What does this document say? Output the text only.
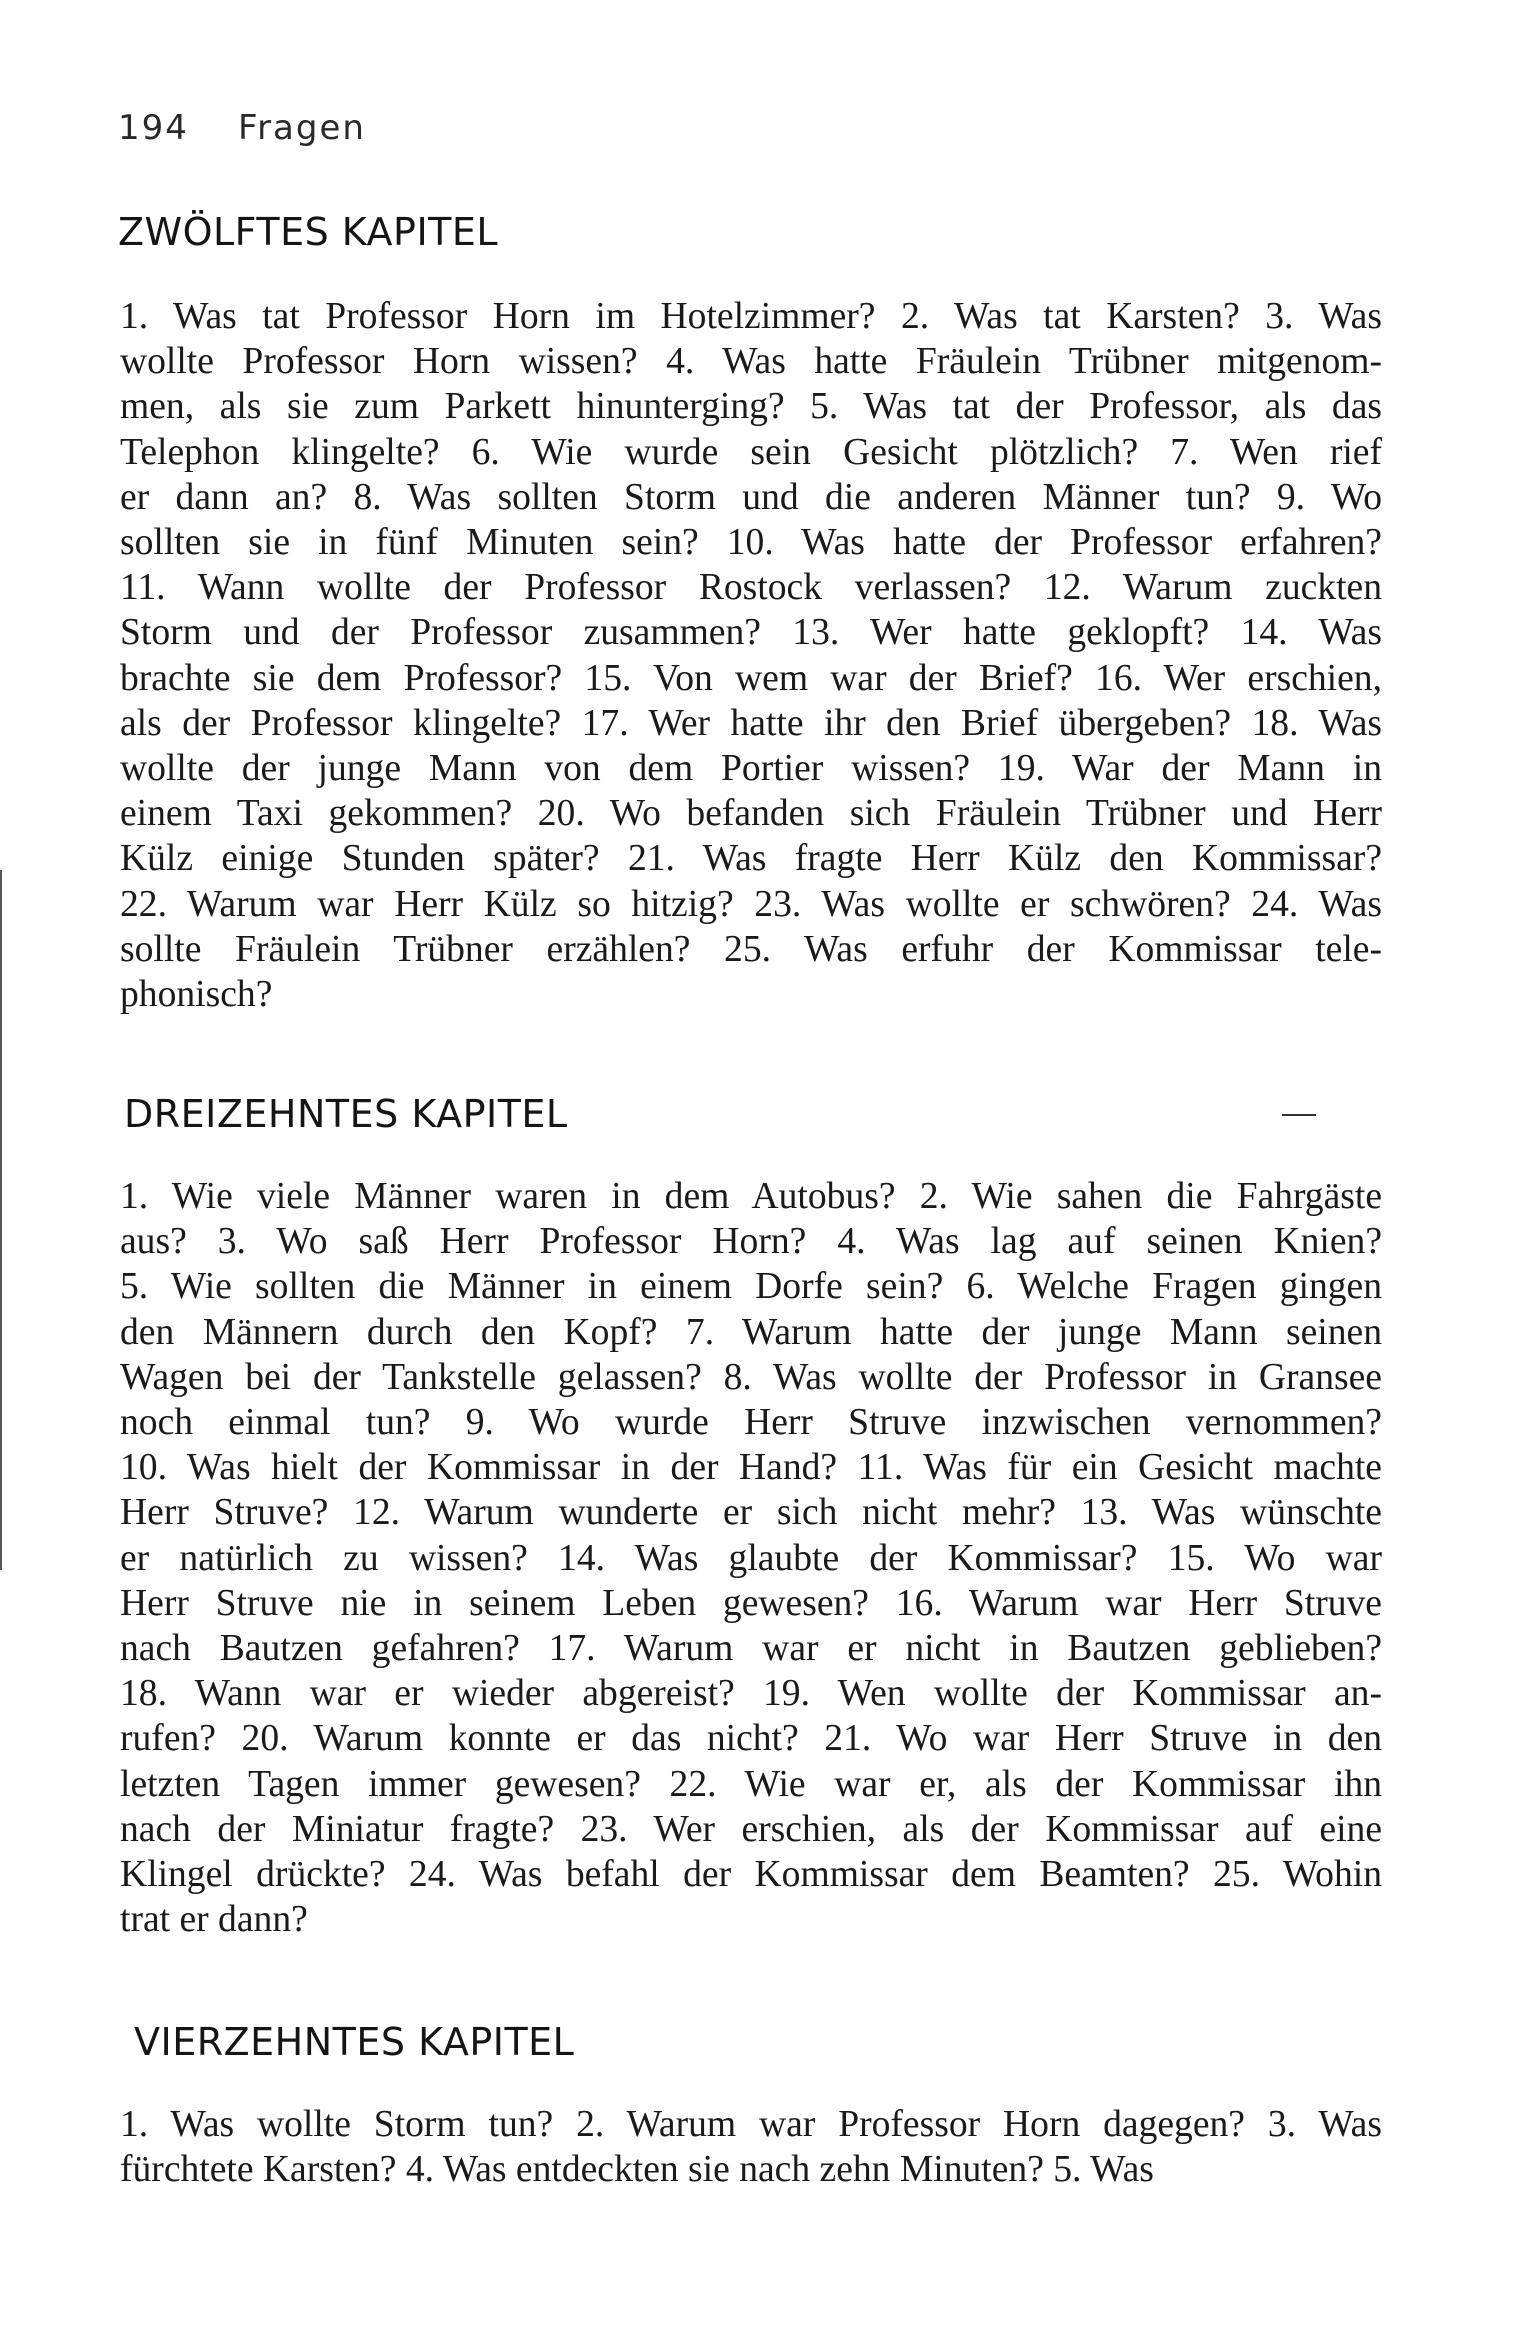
194 Fragen
ZWÖLFTES KAPITEL
1. Was tat Professor Horn im Hotelzimmer? 2. Was tat Karsten? 3. Was
wollte Professor Horn wissen? 4. Was hatte Fräulein Trübner mitgenom-
men, als sie zum Parkett hinunterging? 5. Was tat der Professor, als das
Telephon klingelte? 6. Wie wurde sein Gesicht plötzlich? 7. Wen rief
er dann an? 8. Was sollten Storm und die anderen Männer tun? 9. Wo
sollten sie in fünf Minuten sein? 10. Was hatte der Professor erfahren?
11. Wann wollte der Professor Rostock verlassen? 12. Warum zuckten
Storm und der Professor zusammen? 13. Wer hatte geklopft? 14. Was
brachte sie dem Professor? 15. Von wem war der Brief? 16. Wer erschien,
als der Professor klingelte? 17. Wer hatte ihr den Brief übergeben? 18. Was
wollte der junge Mann von dem Portier wissen? 19. War der Mann in
einem Taxi gekommen? 20. Wo befanden sich Fräulein Trübner und Herr
Külz einige Stunden später? 21. Was fragte Herr Külz den Kommissar?
22. Warum war Herr Külz so hitzig? 23. Was wollte er schwören? 24. Was
sollte Fräulein Trübner erzählen? 25. Was erfuhr der Kommissar tele-
phonisch?
DREIZEHNTES KAPITEL
1. Wie viele Männer waren in dem Autobus? 2. Wie sahen die Fahrgäste
aus? 3. Wo saß Herr Professor Horn? 4. Was lag auf seinen Knien?
5. Wie sollten die Männer in einem Dorfe sein? 6. Welche Fragen gingen
den Männern durch den Kopf? 7. Warum hatte der junge Mann seinen
Wagen bei der Tankstelle gelassen? 8. Was wollte der Professor in Gransee
noch einmal tun? 9. Wo wurde Herr Struve inzwischen vernommen?
10. Was hielt der Kommissar in der Hand? 11. Was für ein Gesicht machte
Herr Struve? 12. Warum wunderte er sich nicht mehr? 13. Was wünschte
er natürlich zu wissen? 14. Was glaubte der Kommissar? 15. Wo war
Herr Struve nie in seinem Leben gewesen? 16. Warum war Herr Struve
nach Bautzen gefahren? 17. Warum war er nicht in Bautzen geblieben?
18. Wann war er wieder abgereist? 19. Wen wollte der Kommissar an-
rufen? 20. Warum konnte er das nicht? 21. Wo war Herr Struve in den
letzten Tagen immer gewesen? 22. Wie war er, als der Kommissar ihn
nach der Miniatur fragte? 23. Wer erschien, als der Kommissar auf eine
Klingel drückte? 24. Was befahl der Kommissar dem Beamten? 25. Wohin
trat er dann?
VIERZEHNTES KAPITEL
1. Was wollte Storm tun? 2. Warum war Professor Horn dagegen? 3. Was
fürchtete Karsten? 4. Was entdeckten sie nach zehn Minuten? 5. Was
